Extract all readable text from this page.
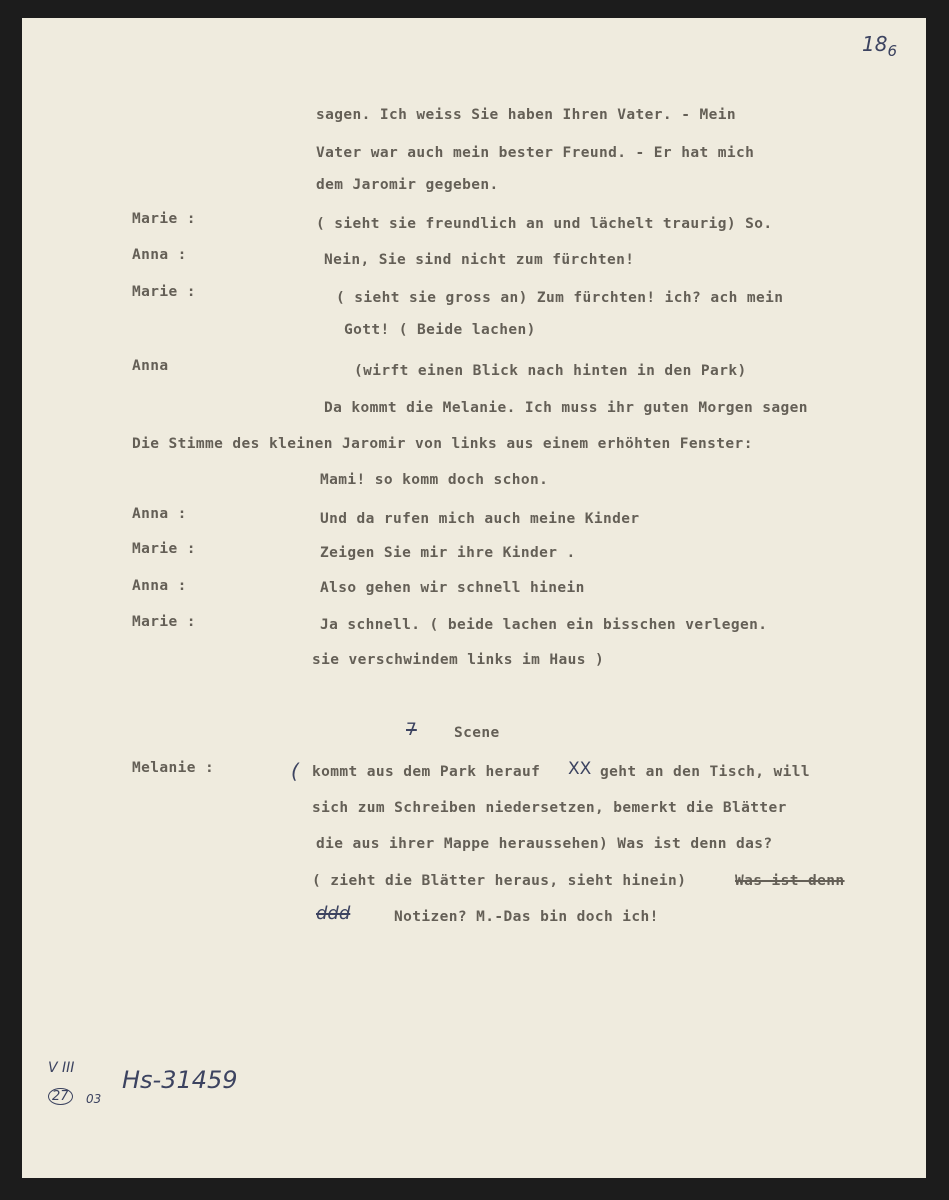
$18_6$
sagen. Ich weiss Sie haben Ihren Vater. - Mein
Vater war auch mein bester Freund. - Er hat mich
dem Jaromir gegeben.
Marie :	( sieht sie freundlich an und lächelt traurig) So.
Anna :	Nein, Sie sind nicht zum fürchten!
Marie :	( sieht sie gross an) Zum fürchten! ich? ach mein
Gott! ( Beide lachen)
Anna	(wirft einen Blick nach hinten in den Park)
Da kommt die Melanie. Ich muss ihr guten Morgen sagen
Die Stimme des kleinen Jaromir von links aus einem erhöhten Fenster:
Mami! so komm doch schon.
Anna :	Und da rufen mich auch meine Kinder
Marie :	Zeigen Sie mir ihre Kinder .
Anna :	Also gehen wir schnell hinein
Marie :	Ja schnell. ( beide lachen ein bisschen verlegen.
sie verschwindem links im Haus )
7	Scene
Melanie :	( kommt aus dem Park herauf XX geht an den Tisch, will
sich zum Schreiben niedersetzen, bemerkt die Blätter
die aus ihrer Mappe heraussehen) Was ist denn das?
( zieht die Blätter heraus, sieht hinein)	Was ist denn
ddd	Notizen? M.-Das bin doch ich!
V III
27	03
Hs-31459
